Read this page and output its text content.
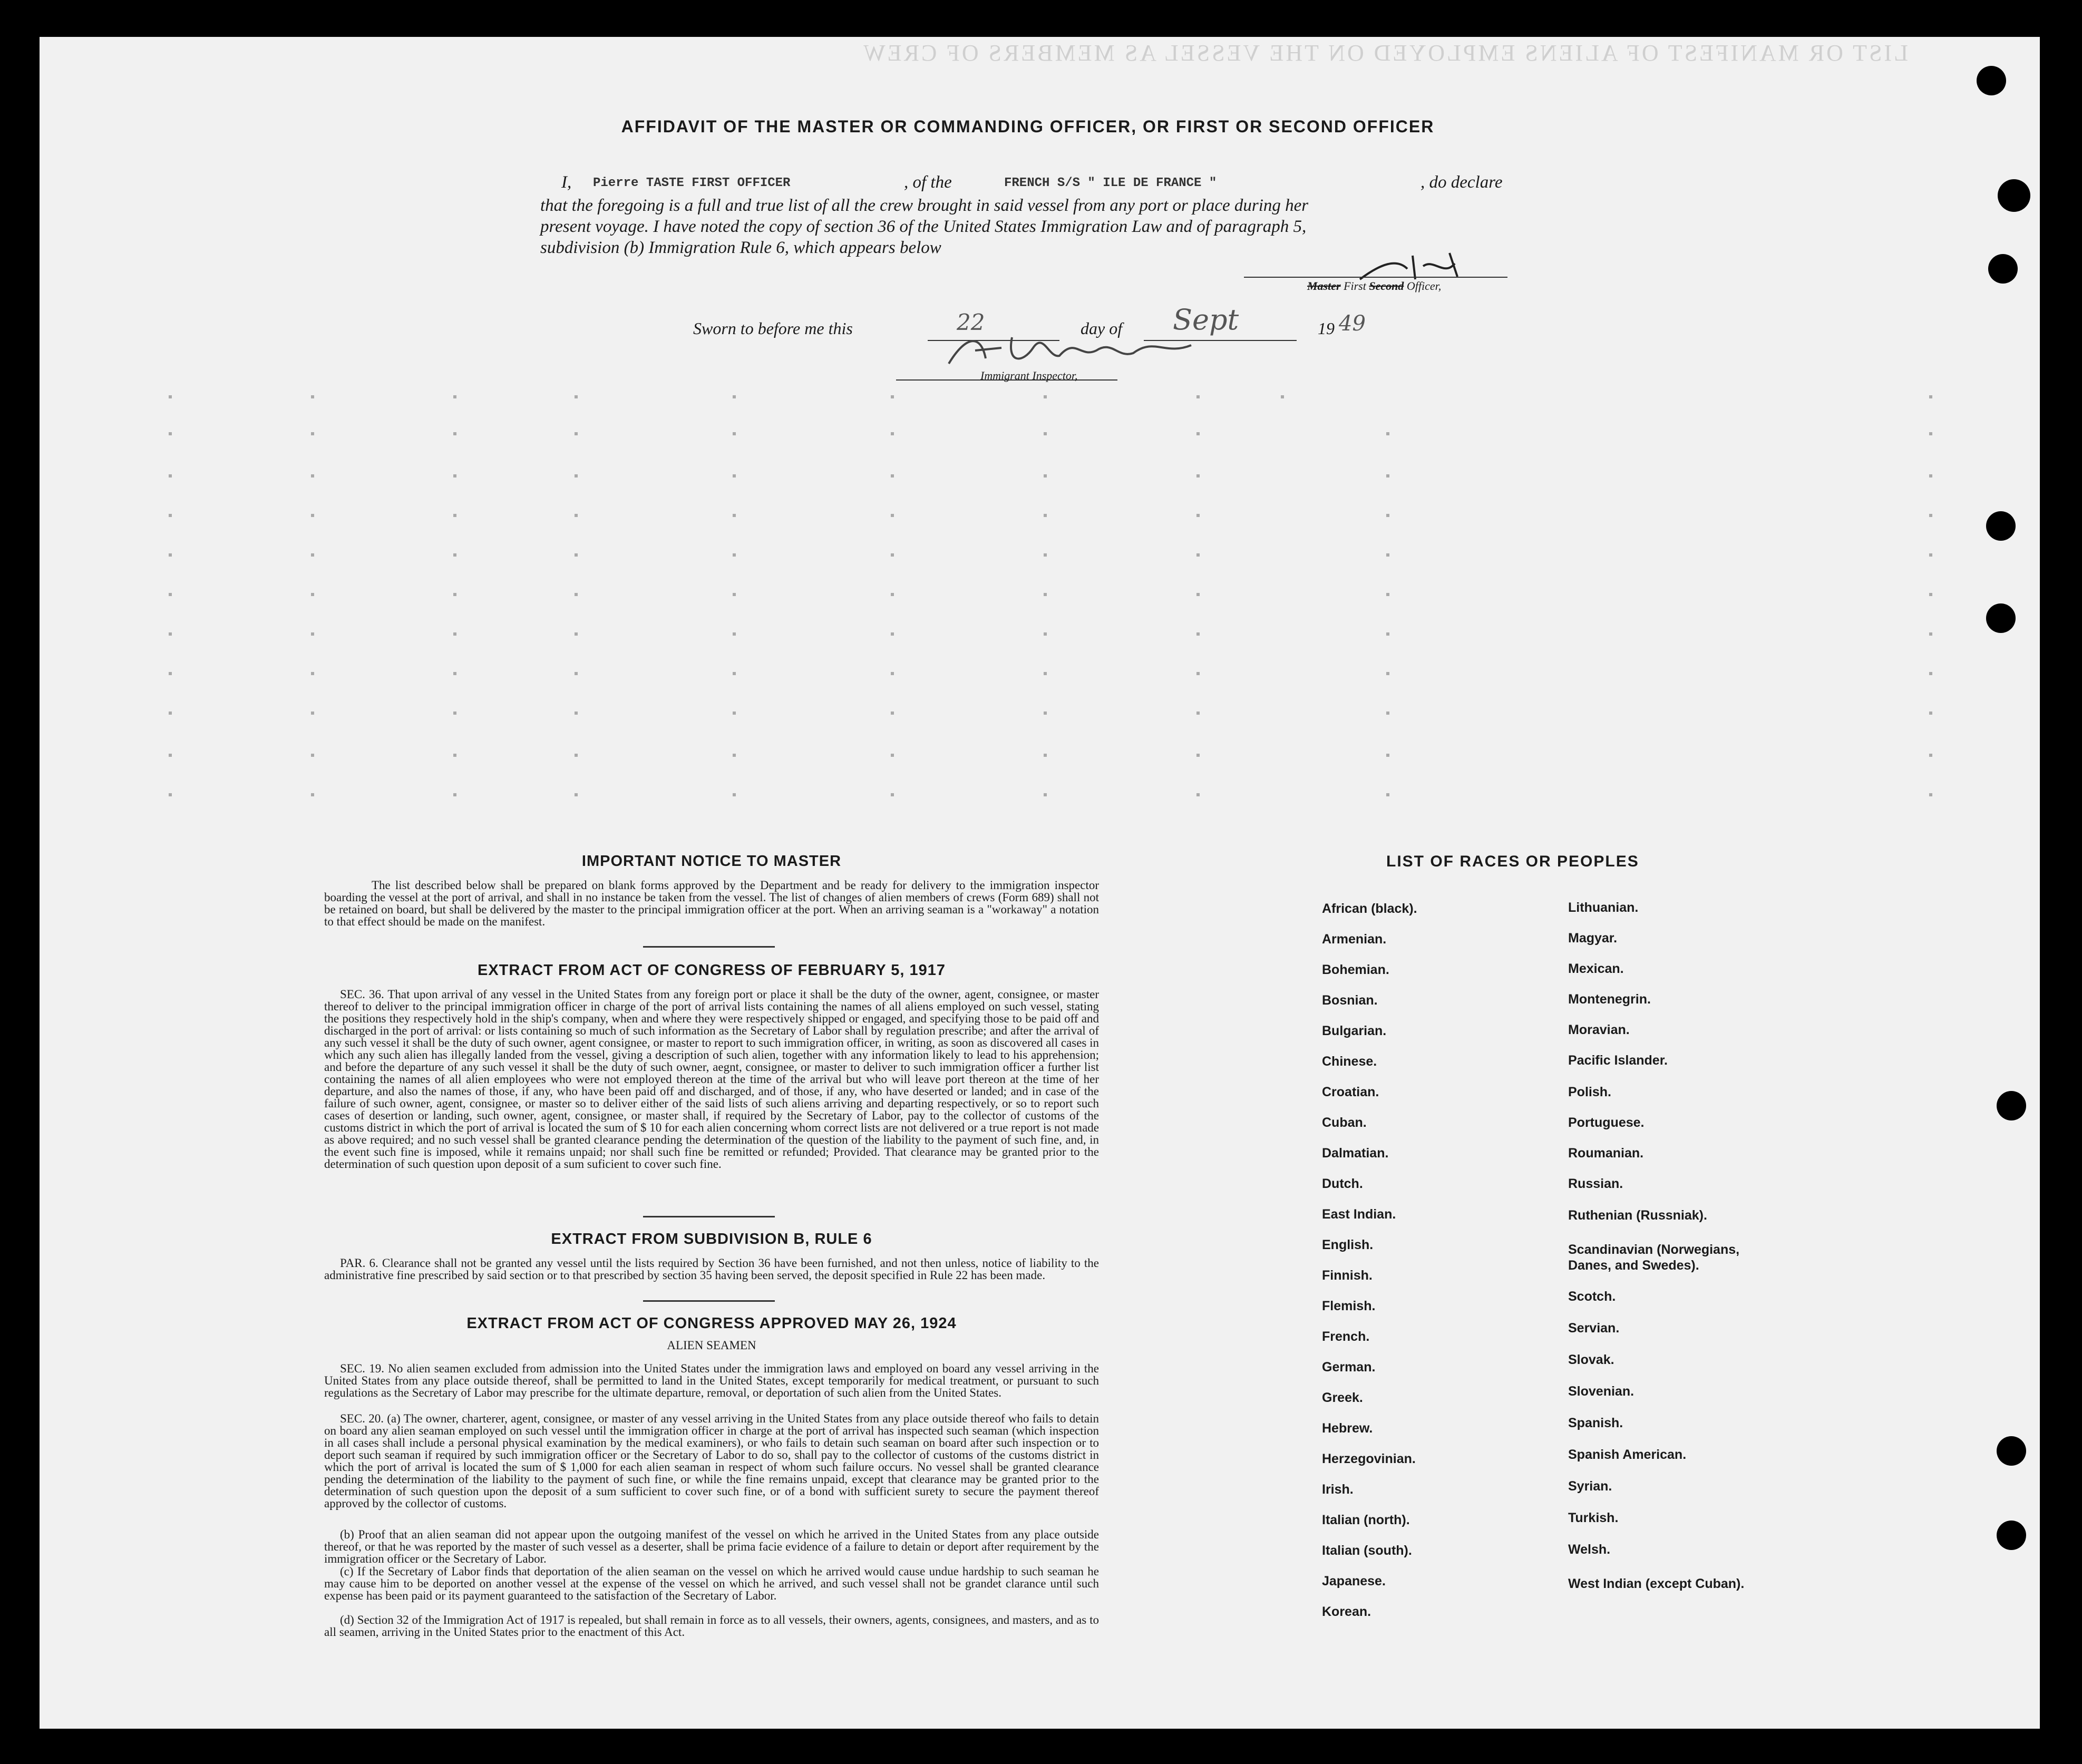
LIST OR MANIFEST OF ALIENS EMPLOYED ON THE VESSEL AS MEMBERS OF CREW
AFFIDAVIT OF THE MASTER OR COMMANDING OFFICER, OR FIRST OR SECOND OFFICER
I, Pierre TASTE FIRST OFFICER	, of the	FRENCH S/S " ILE DE FRANCE "	, do declare
that the foregoing is a full and true list of all the crew brought in said vessel from any port or place during her
present voyage. I have noted the copy of section 36 of the United States Immigration Law and of paragraph 5,
subdivision (b) Immigration Rule 6, which appears below
Master First Second Officer,
Sworn to before me this	22	day of Sept	19 49
Immigrant Inspector,
IMPORTANT NOTICE TO MASTER
The list described below shall be prepared on blank forms approved by the Department and be ready for delivery to the immigration inspector boarding the vessel at the port of arrival, and shall in no instance be taken from the vessel. The list of changes of alien members of crews (Form 689) shall not be retained on board, but shall be delivered by the master to the principal immigration officer at the port. When an arriving seaman is a "workaway" a notation to that effect should be made on the manifest.
EXTRACT FROM ACT OF CONGRESS OF FEBRUARY 5, 1917
SEC. 36. That upon arrival of any vessel in the United States from any foreign port or place it shall be the duty of the owner, agent, consignee, or master thereof to deliver to the principal immigration officer in charge of the port of arrival lists containing the names of all aliens employed on such vessel, stating the positions they respectively hold in the ship's company, when and where they were respectively shipped or engaged, and specifying those to be paid off and discharged in the port of arrival: or lists containing so much of such information as the Secretary of Labor shall by regulation prescribe; and after the arrival of any such vessel it shall be the duty of such owner, agent consignee, or master to report to such immigration officer, in writing, as soon as discovered all cases in which any such alien has illegally landed from the vessel, giving a description of such alien, together with any information likely to lead to his apprehension; and before the departure of any such vessel it shall be the duty of such owner, aegnt, consignee, or master to deliver to such immigration officer a further list containing the names of all alien employees who were not employed thereon at the time of the arrival but who will leave port thereon at the time of her departure, and also the names of those, if any, who have been paid off and discharged, and of those, if any, who have deserted or landed; and in case of the failure of such owner, agent, consignee, or master so to deliver either of the said lists of such aliens arriving and departing respectively, or so to report such cases of desertion or landing, such owner, agent, consignee, or master shall, if required by the Secretary of Labor, pay to the collector of customs of the customs district in which the port of arrival is located the sum of $ 10 for each alien concerning whom correct lists are not delivered or a true report is not made as above required; and no such vessel shall be granted clearance pending the determination of the question of the liability to the payment of such fine, and, in the event such fine is imposed, while it remains unpaid; nor shall such fine be remitted or refunded; Provided. That clearance may be granted prior to the determination of such question upon deposit of a sum suficient to cover such fine.
EXTRACT FROM SUBDIVISION B, RULE 6
PAR. 6. Clearance shall not be granted any vessel until the lists required by Section 36 have been furnished, and not then unless, notice of liability to the administrative fine prescribed by said section or to that prescribed by section 35 having been served, the deposit specified in Rule 22 has been made.
EXTRACT FROM ACT OF CONGRESS APPROVED MAY 26, 1924
ALIEN SEAMEN
SEC. 19. No alien seamen excluded from admission into the United States under the immigration laws and employed on board any vessel arriving in the United States from any place outside thereof, shall be permitted to land in the United States, except temporarily for medical treatment, or pursuant to such regulations as the Secretary of Labor may prescribe for the ultimate departure, removal, or deportation of such alien from the United States.
SEC. 20. (a) The owner, charterer, agent, consignee, or master of any vessel arriving in the United States from any place outside thereof who fails to detain on board any alien seaman employed on such vessel until the immigration officer in charge at the port of arrival has inspected such seaman (which inspection in all cases shall include a personal physical examination by the medical examiners), or who fails to detain such seaman on board after such inspection or to deport such seaman if required by such immigration officer or the Secretary of Labor to do so, shall pay to the collector of customs of the customs district in which the port of arrival is located the sum of $ 1,000 for each alien seaman in respect of whom such failure occurs. No vessel shall be granted clearance pending the determination of the liability to the payment of such fine, or while the fine remains unpaid, except that clearance may be granted prior to the determination of such question upon the deposit of a sum sufficient to cover such fine, or of a bond with sufficient surety to secure the payment thereof approved by the collector of customs.
(b) Proof that an alien seaman did not appear upon the outgoing manifest of the vessel on which he arrived in the United States from any place outside thereof, or that he was reported by the master of such vessel as a deserter, shall be prima facie evidence of a failure to detain or deport after requirement by the immigration officer or the Secretary of Labor.
(c) If the Secretary of Labor finds that deportation of the alien seaman on the vessel on which he arrived would cause undue hardship to such seaman he may cause him to be deported on another vessel at the expense of the vessel on which he arrived, and such vessel shall not be grandet clarance until such expense has been paid or its payment guaranteed to the satisfaction of the Secretary of Labor.
(d) Section 32 of the Immigration Act of 1917 is repealed, but shall remain in force as to all vessels, their owners, agents, consignees, and masters, and as to all seamen, arriving in the United States prior to the enactment of this Act.
LIST OF RACES OR PEOPLES
African (black).
Armenian.
Bohemian.
Bosnian.
Bulgarian.
Chinese.
Croatian.
Cuban.
Dalmatian.
Dutch.
East Indian.
English.
Finnish.
Flemish.
French.
German.
Greek.
Hebrew.
Herzegovinian.
Irish.
Italian (north).
Italian (south).
Japanese.
Korean.
Lithuanian.
Magyar.
Mexican.
Montenegrin.
Moravian.
Pacific Islander.
Polish.
Portuguese.
Roumanian.
Russian.
Ruthenian (Russniak).
Scandinavian (Norwegians, Danes, and Swedes).
Scotch.
Servian.
Slovak.
Slovenian.
Spanish.
Spanish American.
Syrian.
Turkish.
Welsh.
West Indian (except Cuban).
